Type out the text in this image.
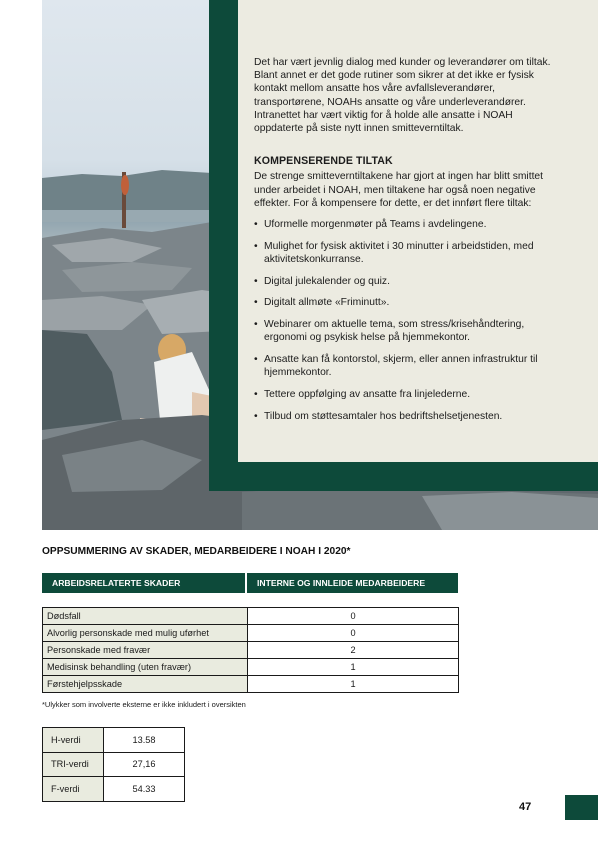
Det har vært jevnlig dialog med kunder og leverandører om tiltak. Blant annet er det gode rutiner som sikrer at det ikke er fysisk kontakt mellom ansatte hos våre avfallsleverandører, transportørene, NOAHs ansatte og våre underleverandører. Intranettet har vært viktig for å holde alle ansatte i NOAH oppdaterte på siste nytt innen smitteverntiltak.

KOMPENSERENDE TILTAK

De strenge smitteverntiltakene har gjort at ingen har blitt smittet under arbeidet i NOAH, men tiltakene har også noen negative effekter. For å kompensere for dette, er det innført flere tiltak:

• Uformelle morgenmøter på Teams i avdelingene.
• Mulighet for fysisk aktivitet i 30 minutter i arbeidstiden, med aktivitetskonkurranse.
• Digital julekalender og quiz.
• Digitalt allmøte «Friminutt».
• Webinarer om aktuelle tema, som stress/krisehåndtering, ergonomi og psykisk helse på hjemmekontor.
• Ansatte kan få kontorstol, skjerm, eller annen infrastruktur til hjemmekontor.
• Tettere oppfølging av ansatte fra linjelederne.
• Tilbud om støttesamtaler hos bedriftshelsetjenesten.
OPPSUMMERING AV SKADER, MEDARBEIDERE I NOAH I 2020*
ARBEIDSRELATERTE SKADER	INTERNE OG INNLEIDE MEDARBEIDERE
Dødsfall	0
Alvorlig personskade med mulig uførhet	0
Personskade med fravær	2
Medisinsk behandling (uten fravær)	1
Førstehjelpsskade	1
*Ulykker som involverte eksterne er ikke inkludert i oversikten
H-verdi	13.58
TRI-verdi	27,16
F-verdi	54.33
47
